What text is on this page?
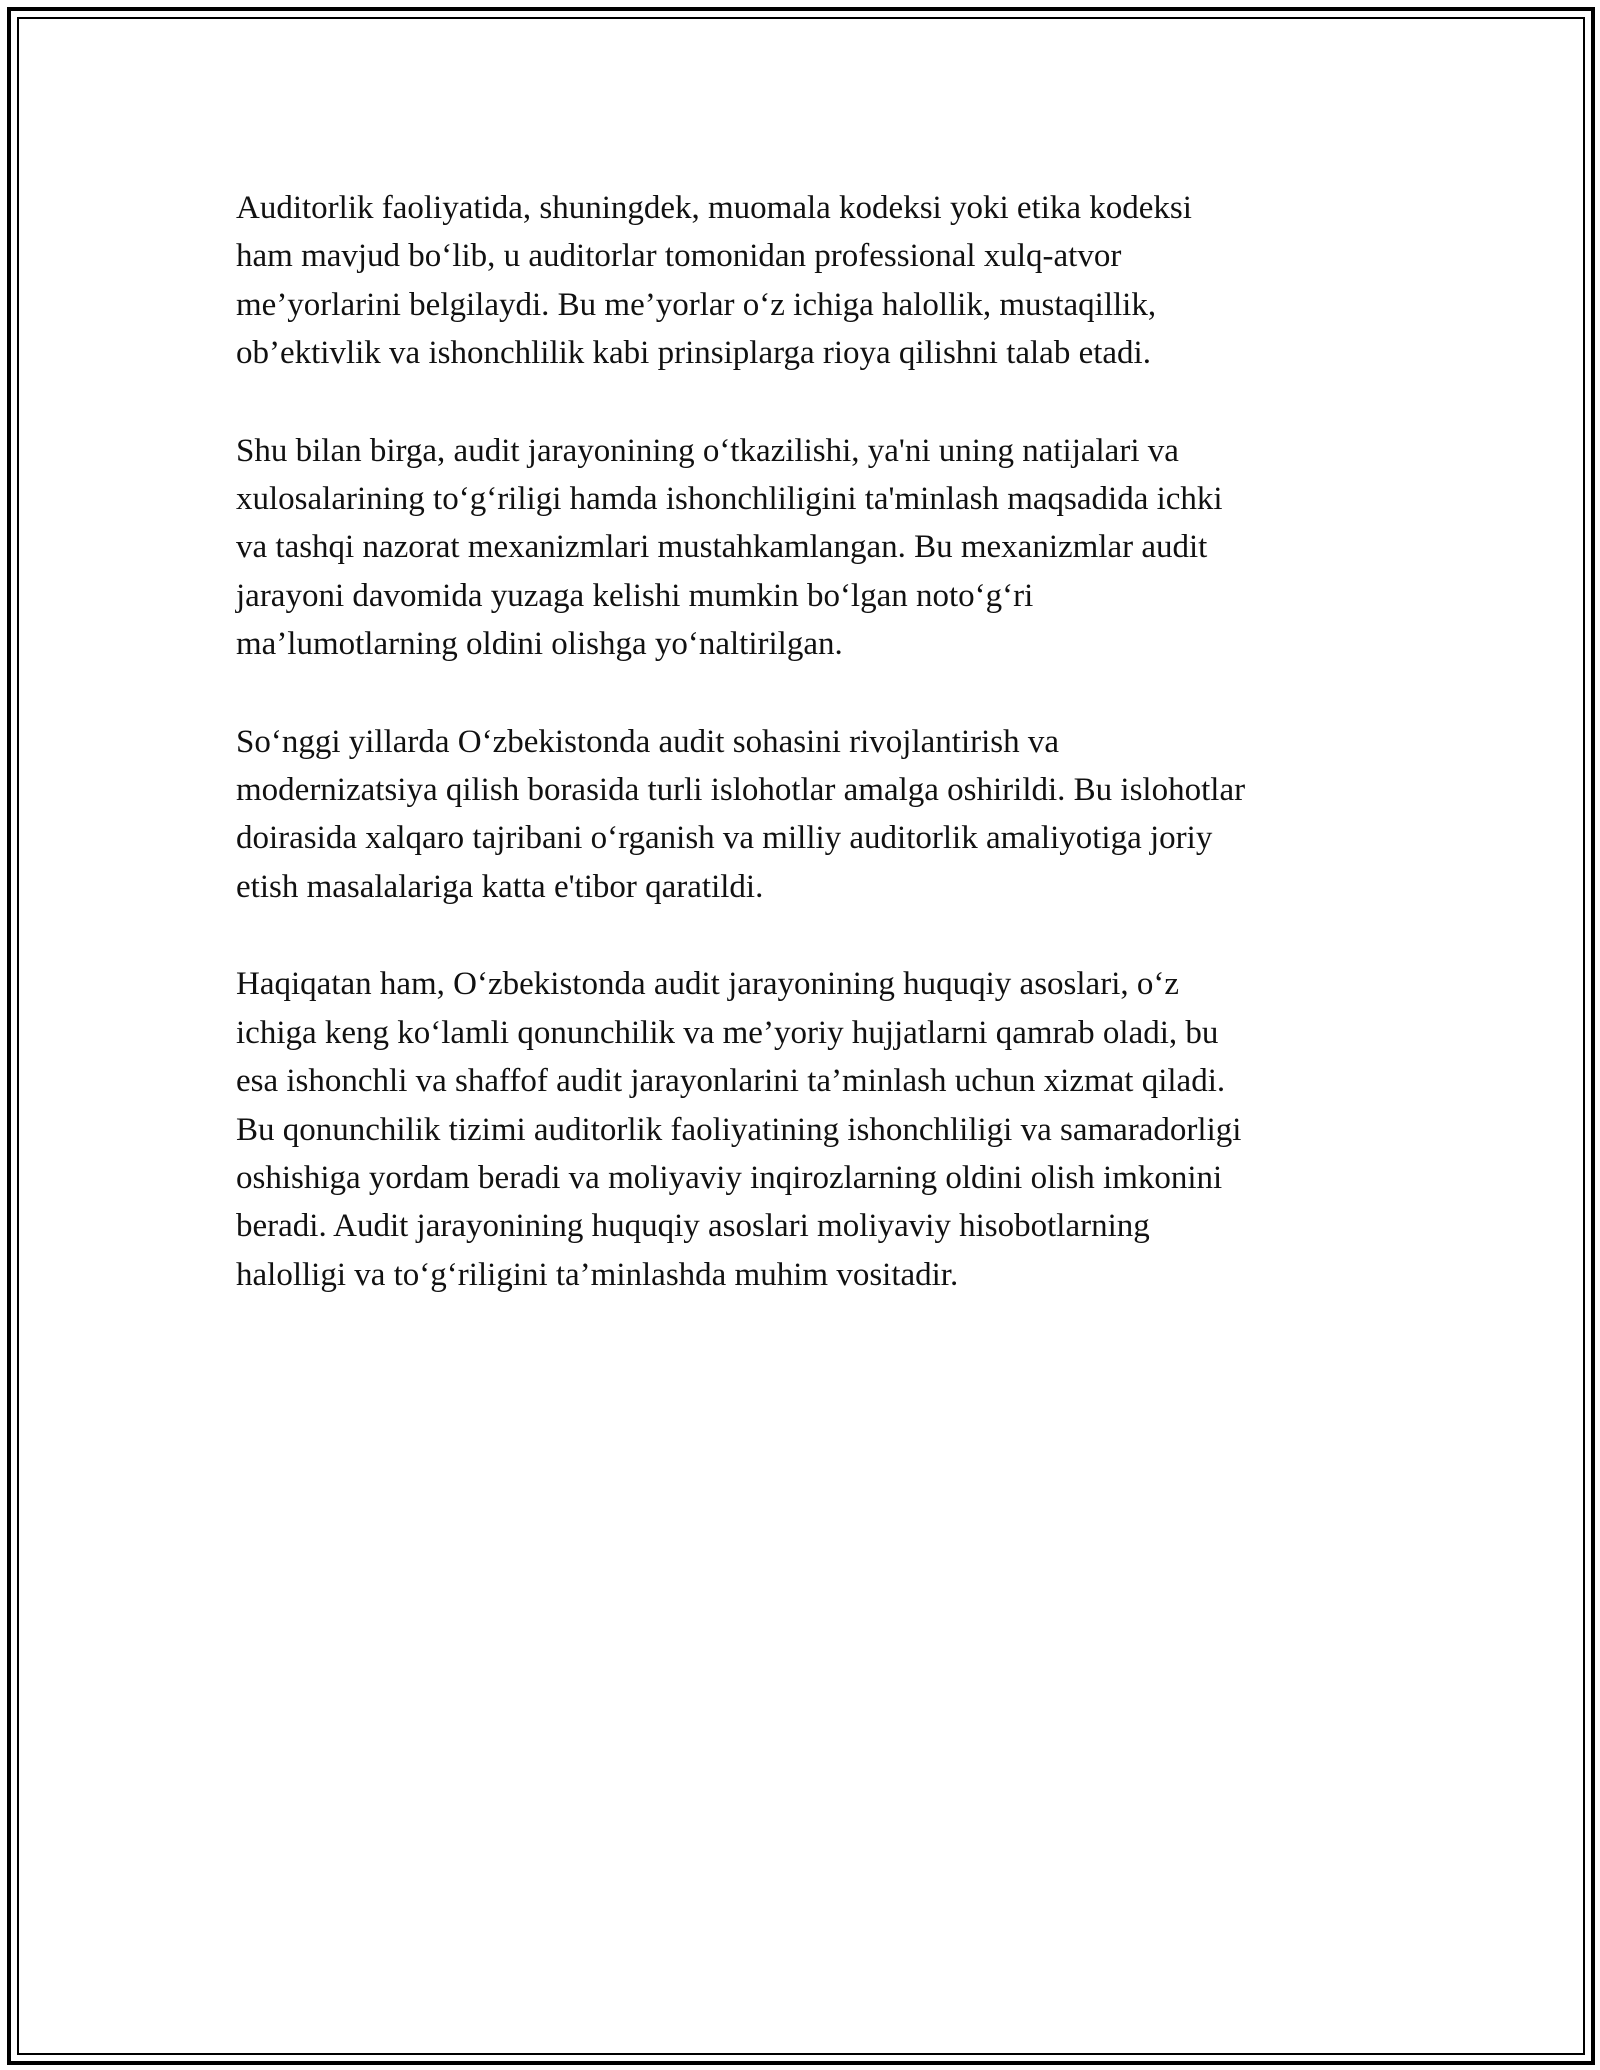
Auditorlik faoliyatida, shuningdek, muomala kodeksi yoki etika kodeksi
ham mavjud boʻlib, u auditorlar tomonidan professional xulq-atvor
me’yorlarini belgilaydi. Bu me’yorlar oʻz ichiga halollik, mustaqillik,
ob’ektivlik va ishonchlilik kabi prinsiplarga rioya qilishni talab etadi.

Shu bilan birga, audit jarayonining oʻtkazilishi, ya'ni uning natijalari va
xulosalarining toʻgʻriligi hamda ishonchliligini ta'minlash maqsadida ichki
va tashqi nazorat mexanizmlari mustahkamlangan. Bu mexanizmlar audit
jarayoni davomida yuzaga kelishi mumkin boʻlgan notoʻgʻri
ma’lumotlarning oldini olishga yoʻnaltirilgan.

Soʻnggi yillarda Oʻzbekistonda audit sohasini rivojlantirish va
modernizatsiya qilish borasida turli islohotlar amalga oshirildi. Bu islohotlar
doirasida xalqaro tajribani oʻrganish va milliy auditorlik amaliyotiga joriy
etish masalalariga katta e'tibor qaratildi.

Haqiqatan ham, Oʻzbekistonda audit jarayonining huquqiy asoslari, oʻz
ichiga keng koʻlamli qonunchilik va me’yoriy hujjatlarni qamrab oladi, bu
esa ishonchli va shaffof audit jarayonlarini ta’minlash uchun xizmat qiladi.
Bu qonunchilik tizimi auditorlik faoliyatining ishonchliligi va samaradorligi
oshishiga yordam beradi va moliyaviy inqirozlarning oldini olish imkonini
beradi. Audit jarayonining huquqiy asoslari moliyaviy hisobotlarning
halolligi va toʻgʻriligini ta’minlashda muhim vositadir.
